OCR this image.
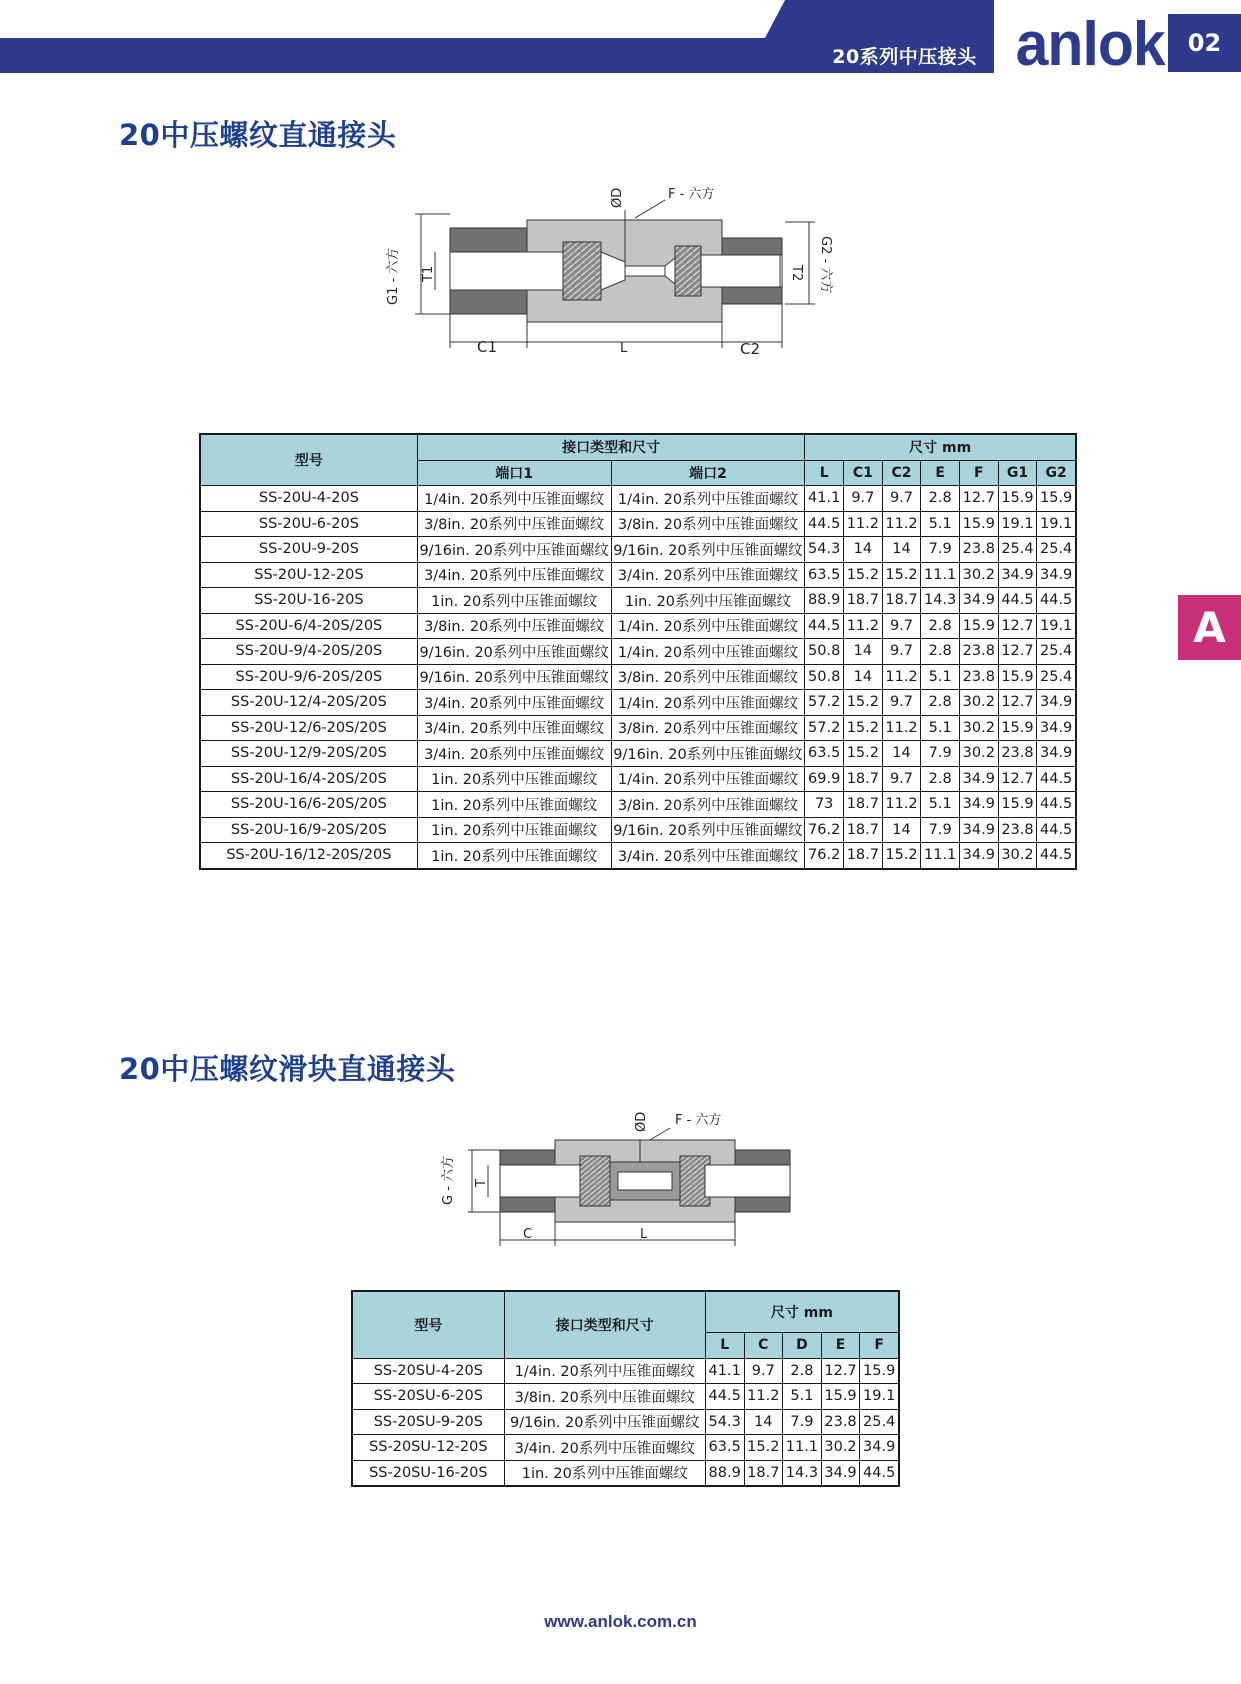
20系列中压接头 anlok 02
A
20中压螺纹直通接头
ØD	F - 六方
G1 - 六方 T1	T2 G2 - 六方
C1	L	C2
型号	接口类型和尺寸		尺寸 mm						
	端口1	端口2	L	C1	C2	E	F	G1	G2
SS-20U-4-20S	1/4in. 20系列中压锥面螺纹	1/4in. 20系列中压锥面螺纹	41.1	9.7	9.7	2.8	12.7	15.9	15.9
SS-20U-6-20S	3/8in. 20系列中压锥面螺纹	3/8in. 20系列中压锥面螺纹	44.5	11.2	11.2	5.1	15.9	19.1	19.1
SS-20U-9-20S	9/16in. 20系列中压锥面螺纹	9/16in. 20系列中压锥面螺纹	54.3	14	14	7.9	23.8	25.4	25.4
SS-20U-12-20S	3/4in. 20系列中压锥面螺纹	3/4in. 20系列中压锥面螺纹	63.5	15.2	15.2	11.1	30.2	34.9	34.9
SS-20U-16-20S	1in. 20系列中压锥面螺纹	1in. 20系列中压锥面螺纹	88.9	18.7	18.7	14.3	34.9	44.5	44.5
SS-20U-6/4-20S/20S	3/8in. 20系列中压锥面螺纹	1/4in. 20系列中压锥面螺纹	44.5	11.2	9.7	2.8	15.9	12.7	19.1
SS-20U-9/4-20S/20S	9/16in. 20系列中压锥面螺纹	1/4in. 20系列中压锥面螺纹	50.8	14	9.7	2.8	23.8	12.7	25.4
SS-20U-9/6-20S/20S	9/16in. 20系列中压锥面螺纹	3/8in. 20系列中压锥面螺纹	50.8	14	11.2	5.1	23.8	15.9	25.4
SS-20U-12/4-20S/20S	3/4in. 20系列中压锥面螺纹	1/4in. 20系列中压锥面螺纹	57.2	15.2	9.7	2.8	30.2	12.7	34.9
SS-20U-12/6-20S/20S	3/4in. 20系列中压锥面螺纹	3/8in. 20系列中压锥面螺纹	57.2	15.2	11.2	5.1	30.2	15.9	34.9
SS-20U-12/9-20S/20S	3/4in. 20系列中压锥面螺纹	9/16in. 20系列中压锥面螺纹	63.5	15.2	14	7.9	30.2	23.8	34.9
SS-20U-16/4-20S/20S	1in. 20系列中压锥面螺纹	1/4in. 20系列中压锥面螺纹	69.9	18.7	9.7	2.8	34.9	12.7	44.5
SS-20U-16/6-20S/20S	1in. 20系列中压锥面螺纹	3/8in. 20系列中压锥面螺纹	73	18.7	11.2	5.1	34.9	15.9	44.5
SS-20U-16/9-20S/20S	1in. 20系列中压锥面螺纹	9/16in. 20系列中压锥面螺纹	76.2	18.7	14	7.9	34.9	23.8	44.5
SS-20U-16/12-20S/20S	1in. 20系列中压锥面螺纹	3/4in. 20系列中压锥面螺纹	76.2	18.7	15.2	11.1	34.9	30.2	44.5
20中压螺纹滑块直通接头
ØD F - 六方
G - 六方 T
C	L
型号	接口类型和尺寸	尺寸 mm				
		L	C	D	E	F
SS-20SU-4-20S	1/4in. 20系列中压锥面螺纹	41.1	9.7	2.8	12.7	15.9
SS-20SU-6-20S	3/8in. 20系列中压锥面螺纹	44.5	11.2	5.1	15.9	19.1
SS-20SU-9-20S	9/16in. 20系列中压锥面螺纹	54.3	14	7.9	23.8	25.4
SS-20SU-12-20S	3/4in. 20系列中压锥面螺纹	63.5	15.2	11.1	30.2	34.9
SS-20SU-16-20S	1in. 20系列中压锥面螺纹	88.9	18.7	14.3	34.9	44.5
www.anlok.com.cn
